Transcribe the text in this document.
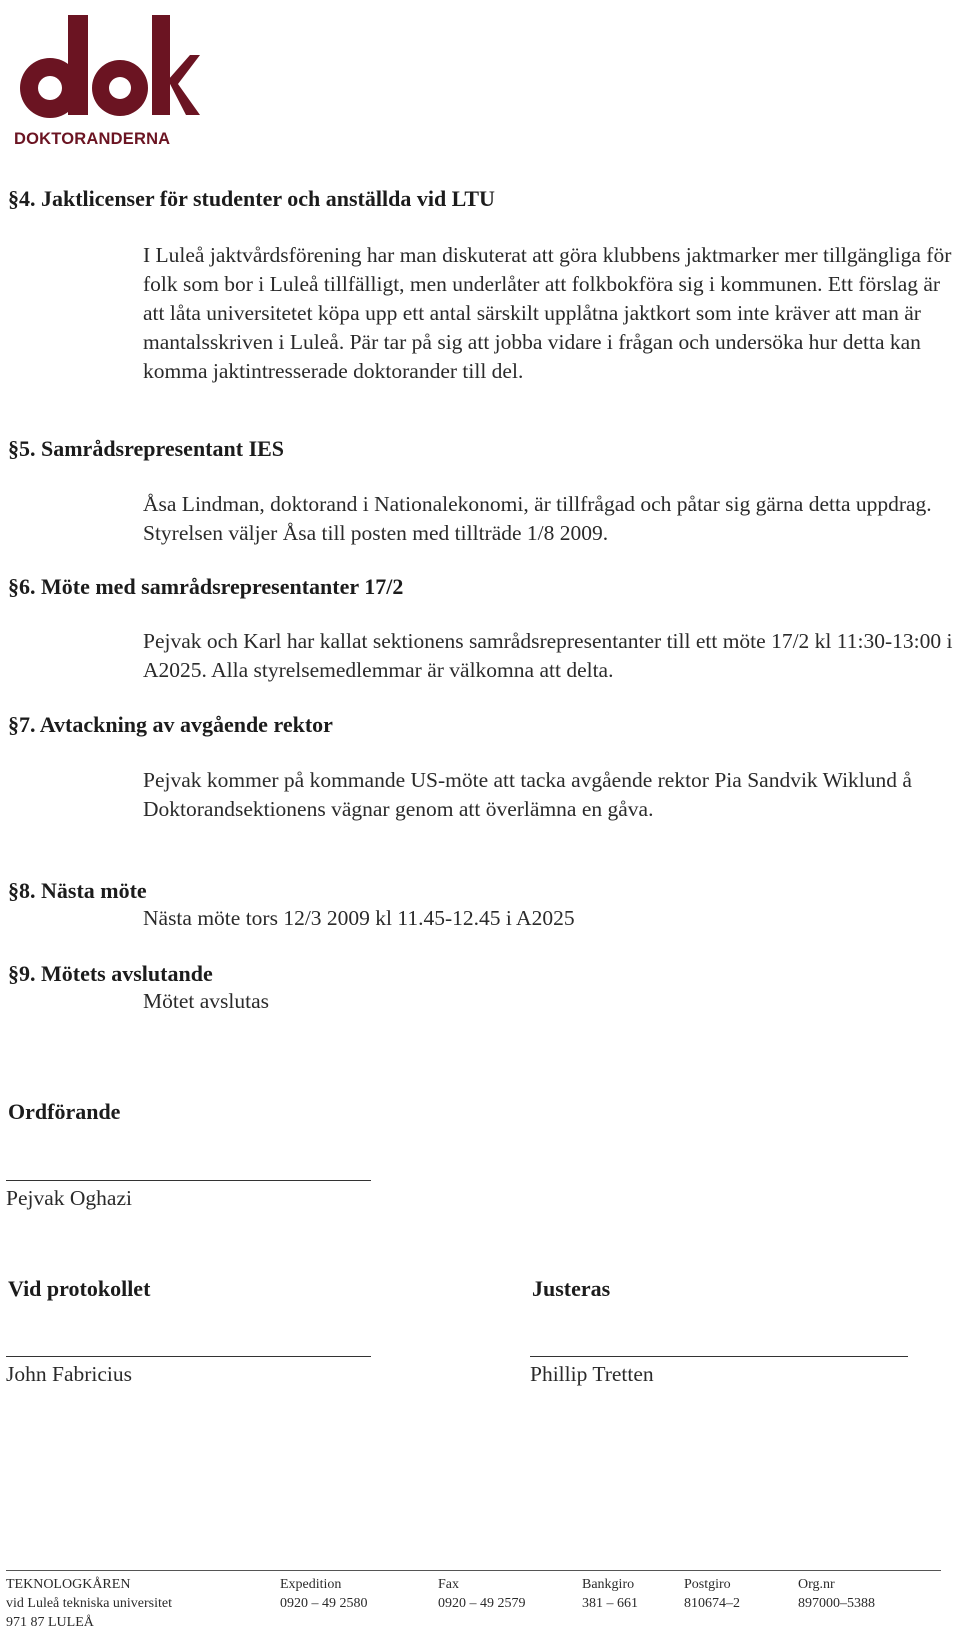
DOKTORANDERNA
§4. Jaktlicenser för studenter och anställda vid LTU
I Luleå jaktvårdsförening har man diskuterat att göra klubbens jaktmarker mer tillgängliga för folk som bor i Luleå tillfälligt, men underlåter att folkbokföra sig i kommunen. Ett förslag är att låta universitetet köpa upp ett antal särskilt upplåtna jaktkort som inte kräver att man är mantalsskriven i Luleå. Pär tar på sig att jobba vidare i frågan och undersöka hur detta kan komma jaktintresserade doktorander till del.
§5. Samrådsrepresentant IES
Åsa Lindman, doktorand i Nationalekonomi, är tillfrågad och påtar sig gärna detta uppdrag. Styrelsen väljer Åsa till posten med tillträde 1/8 2009.
§6. Möte med samrådsrepresentanter 17/2
Pejvak och Karl har kallat sektionens samrådsrepresentanter till ett möte 17/2 kl 11:30-13:00 i A2025. Alla styrelsemedlemmar är välkomna att delta.
§7. Avtackning av avgående rektor
Pejvak kommer på kommande US-möte att tacka avgående rektor Pia Sandvik Wiklund å Doktorandsektionens vägnar genom att överlämna en gåva.
§8. Nästa möte
Nästa möte tors 12/3 2009 kl 11.45-12.45 i A2025
§9. Mötets avslutande
Mötet avslutas
Ordförande
Pejvak Oghazi
Vid protokollet	Justeras
John Fabricius	Phillip Tretten
TEKNOLOGKÅREN
vid Luleå tekniska universitet
971 87 LULEÅ
Expedition
0920 – 49 2580
Fax
0920 – 49 2579
Bankgiro
381 – 661
Postgiro
810674–2
Org.nr
897000–5388
